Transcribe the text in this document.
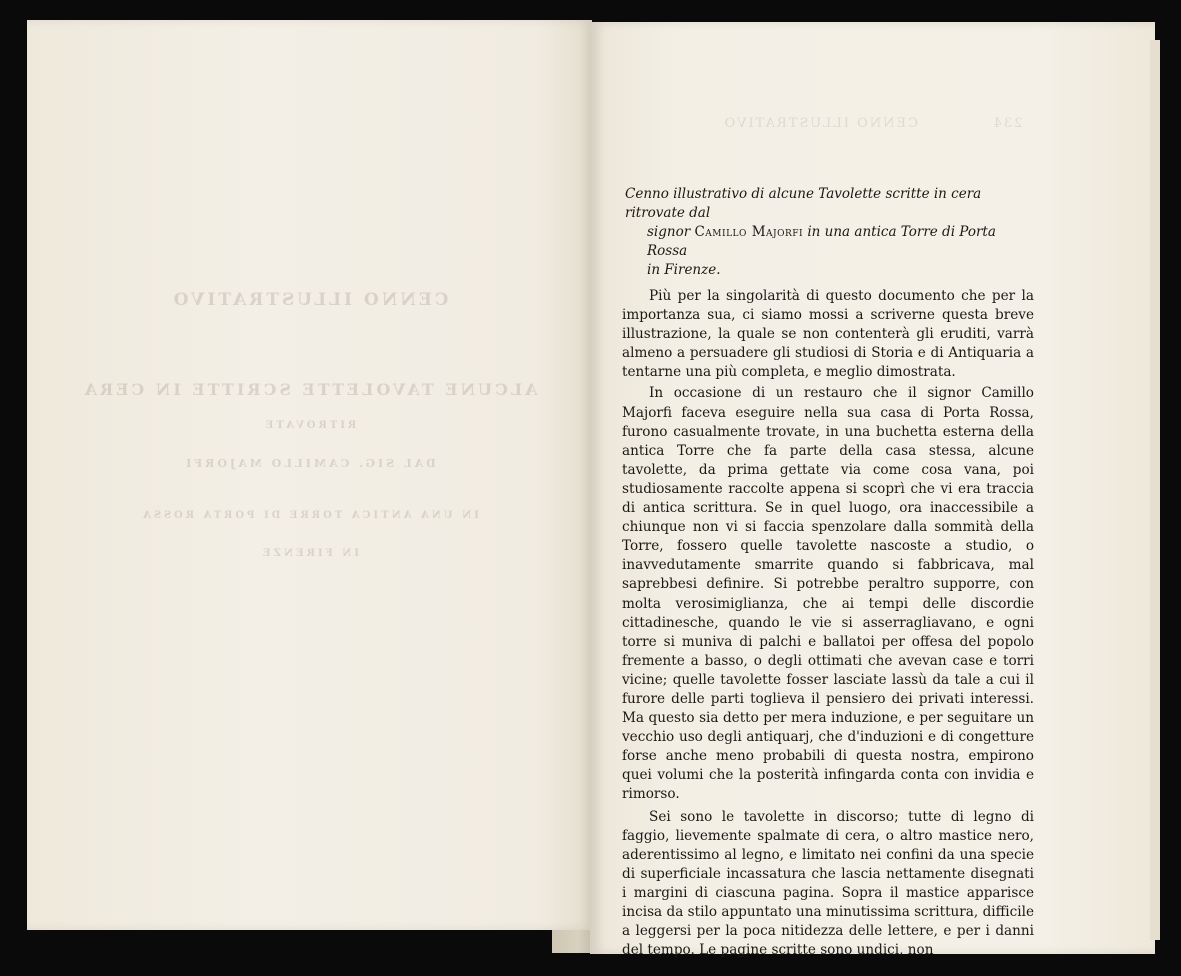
CENNO ILLUSTRATIVO
ALCUNE TAVOLETTE SCRITTE IN CERA
RITROVATE
DAL SIG. CAMILLO MAJORFI
IN UNA ANTICA TORRE DI PORTA ROSSA
IN FIRENZE
234            CENNO ILLUSTRATIVO
Cenno illustrativo di alcune Tavolette scritte in cera ritrovate dal
signor Camillo Majorfi in una antica Torre di Porta Rossa
in Firenze.

Più per la singolarità di questo documento che per la importanza sua, ci siamo mossi a scriverne questa breve illustrazione, la quale se non contenterà gli eruditi, varrà almeno a persuadere gli studiosi di Storia e di Antiquaria a tentarne una più completa, e meglio dimostrata.

In occasione di un restauro che il signor Camillo Majorfi faceva eseguire nella sua casa di Porta Rossa, furono casualmente trovate, in una buchetta esterna della antica Torre che fa parte della casa stessa, alcune tavolette, da prima gettate via come cosa vana, poi studiosamente raccolte appena si scoprì che vi era traccia di antica scrittura. Se in quel luogo, ora inaccessibile a chiunque non vi si faccia spenzolare dalla sommità della Torre, fossero quelle tavolette nascoste a studio, o inavvedutamente smarrite quando si fabbricava, mal saprebbesi definire. Si potrebbe peraltro supporre, con molta verosimiglianza, che ai tempi delle discordie cittadinesche, quando le vie si asserragliavano, e ogni torre si muniva di palchi e ballatoi per offesa del popolo fremente a basso, o degli ottimati che avevan case e torri vicine; quelle tavolette fosser lasciate lassù da tale a cui il furore delle parti toglieva il pensiero dei privati interessi. Ma questo sia detto per mera induzione, e per seguitare un vecchio uso degli antiquarj, che d'induzioni e di congetture forse anche meno probabili di questa nostra, empirono quei volumi che la posterità infingarda conta con invidia e rimorso.

Sei sono le tavolette in discorso; tutte di legno di faggio, lievemente spalmate di cera, o altro mastice nero, aderentissimo al legno, e limitato nei confini da una specie di superficiale incassatura che lascia nettamente disegnati i margini di ciascuna pagina. Sopra il mastice apparisce incisa da stilo appuntato una minutissima scrittura, difficile a leggersi per la poca nitidezza delle lettere, e per i danni del tempo. Le pagine scritte sono undici, non
